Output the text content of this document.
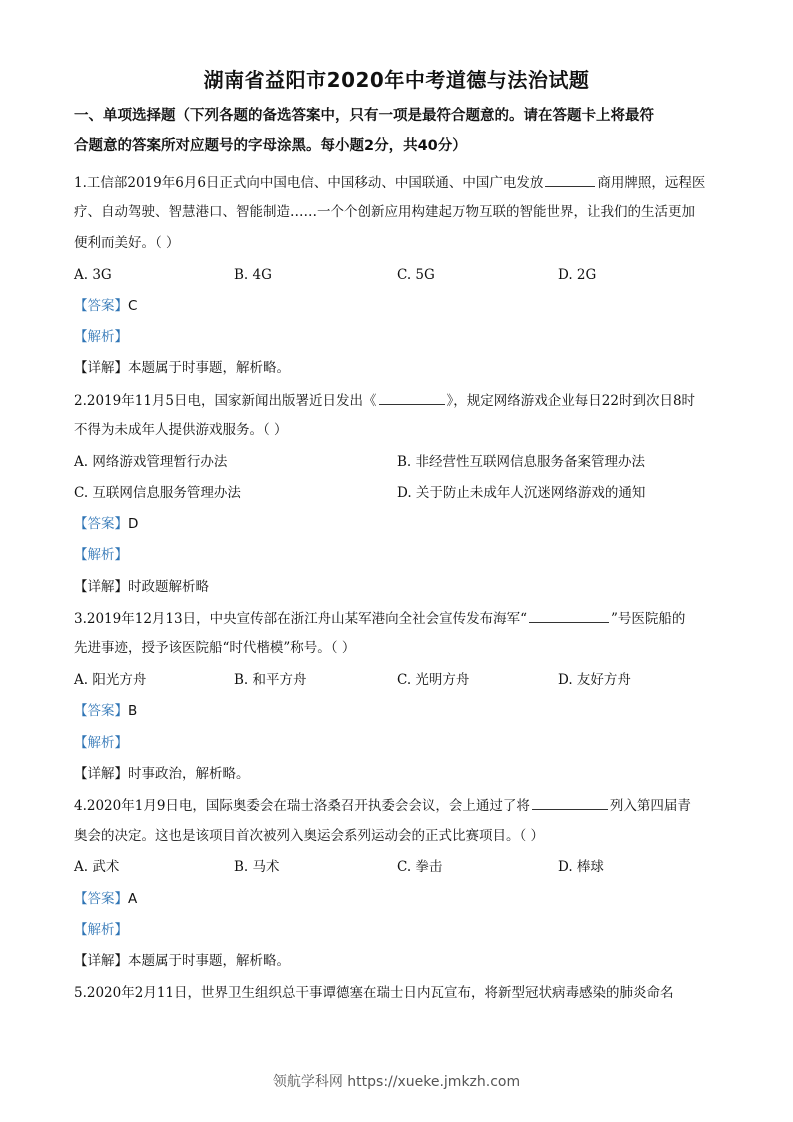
湖南省益阳市2020年中考道德与法治试题
一、单项选择题（下列各题的备选答案中，只有一项是最符合题意的。请在答题卡上将最符
合题意的答案所对应题号的字母涂黑。每小题2分，共40分）
1.工信部2019年6月6日正式向中国电信、中国移动、中国联通、中国广电发放	商用牌照，远程医
疗、自动驾驶、智慧港口、智能制造……一个个创新应用构建起万物互联的智能世界，让我们的生活更加
便利而美好。（ ）
A. 3G	B. 4G	C. 5G	D. 2G
【答案】C
【解析】
【详解】本题属于时事题，解析略。
2.2019年11月5日电，国家新闻出版署近日发出《	》，规定网络游戏企业每日22时到次日8时
不得为未成年人提供游戏服务。（ ）
A. 网络游戏管理暂行办法	B. 非经营性互联网信息服务备案管理办法
C. 互联网信息服务管理办法	D. 关于防止未成年人沉迷网络游戏的通知
【答案】D
【解析】
【详解】时政题解析略
3.2019年12月13日，中央宣传部在浙江舟山某军港向全社会宣传发布海军“	”号医院船的
先进事迹，授予该医院船“时代楷模”称号。（ ）
A. 阳光方舟	B. 和平方舟	C. 光明方舟	D. 友好方舟
【答案】B
【解析】
【详解】时事政治，解析略。
4.2020年1月9日电，国际奥委会在瑞士洛桑召开执委会会议，会上通过了将	列入第四届青
奥会的决定。这也是该项目首次被列入奥运会系列运动会的正式比赛项目。（ ）
A. 武术	B. 马术	C. 拳击	D. 棒球
【答案】A
【解析】
【详解】本题属于时事题，解析略。
5.2020年2月11日，世界卫生组织总干事谭德塞在瑞士日内瓦宣布，将新型冠状病毒感染的肺炎命名
领航学科网 https://xueke.jmkzh.com
